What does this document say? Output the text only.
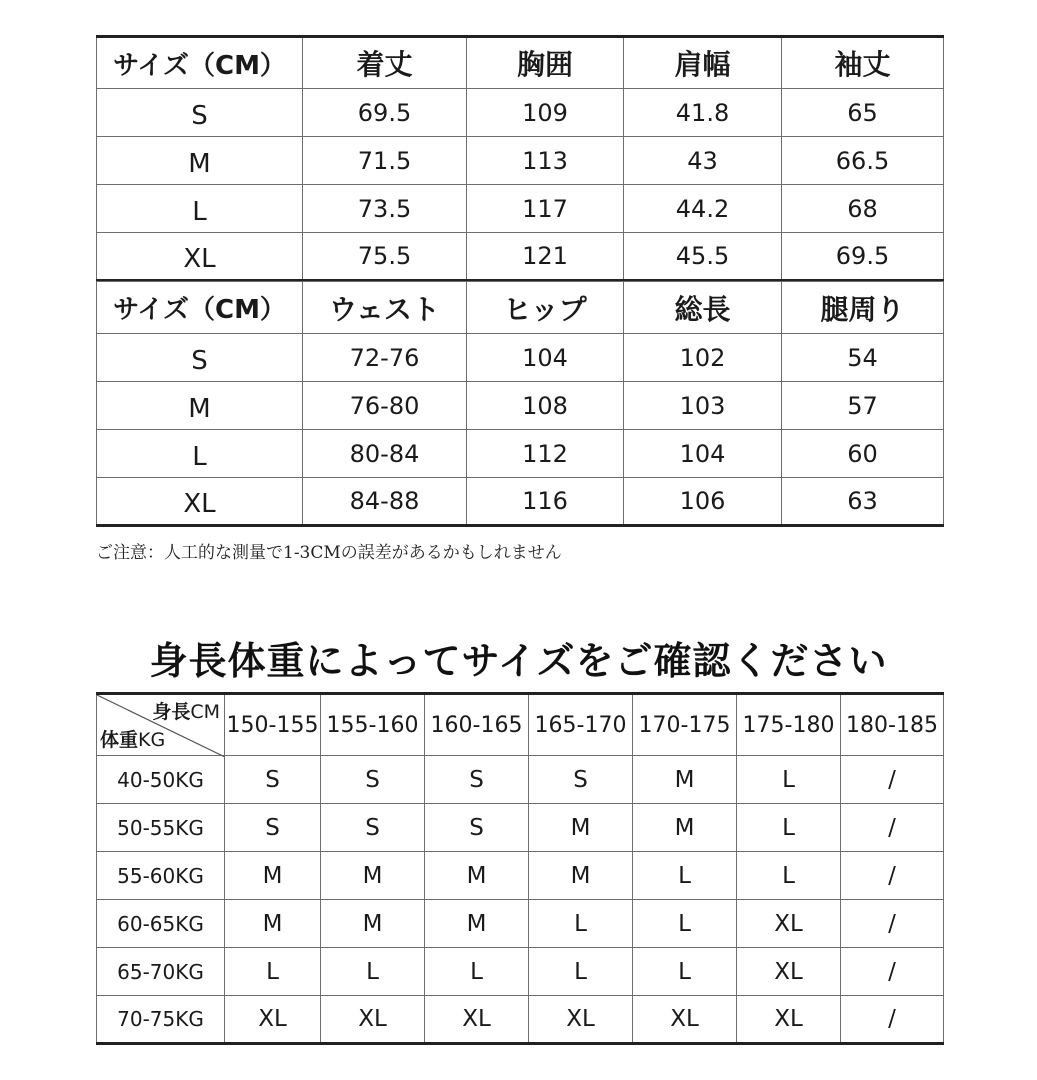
サイズ（CM）	着丈	胸囲	肩幅	袖丈
S	69.5	109	41.8	65
M	71.5	113	43	66.5
L	73.5	117	44.2	68
XL	75.5	121	45.5	69.5
サイズ（CM）	ウェスト	ヒップ	総長	腿周り
S	72-76	104	102	54
M	76-80	108	103	57
L	80-84	112	104	60
XL	84-88	116	106	63
ご注意：人工的な測量で1-3CMの誤差があるかもしれません
身長体重によってサイズをご確認ください
身長CM
体重KG	150-155	155-160	160-165	165-170	170-175	175-180	180-185
40-50KG	S	S	S	S	M	L	/
50-55KG	S	S	S	M	M	L	/
55-60KG	M	M	M	M	L	L	/
60-65KG	M	M	M	L	L	XL	/
65-70KG	L	L	L	L	L	XL	/
70-75KG	XL	XL	XL	XL	XL	XL	/
